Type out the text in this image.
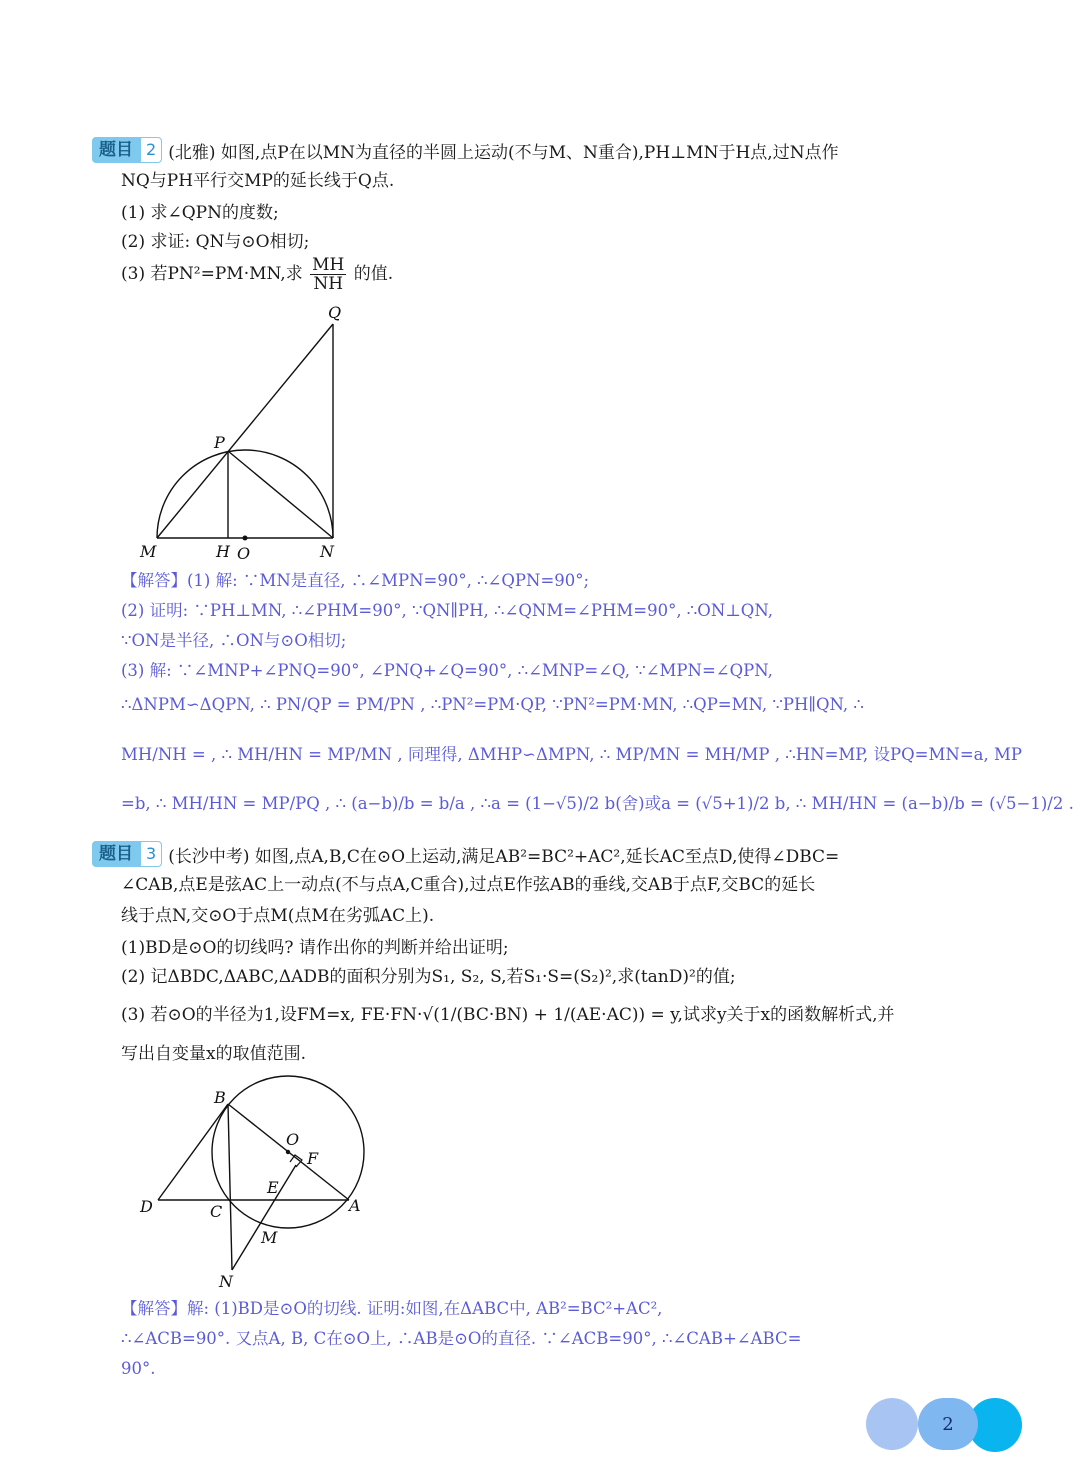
题目 2 (北雅) 如图,点P在以MN为直径的半圆上运动(不与M、N重合),PH⊥MN于H点,过N点作
NQ与PH平行交MP的延长线于Q点.
(1) 求∠QPN的度数;
(2) 求证: QN与⊙O相切;
(3) 若PN²=PM·MN,求 $\frac{MH}{NH}$ 的值.
Q
P
M	H O	N
【解答】(1) 解: ∵MN是直径, ∴∠MPN=90°, ∴∠QPN=90°;
(2) 证明: ∵PH⊥MN, ∴∠PHM=90°, ∵QN∥PH, ∴∠QNM=∠PHM=90°, ∴ON⊥QN,
∵ON是半径, ∴ON与⊙O相切;
(3) 解: ∵∠MNP+∠PNQ=90°, ∠PNQ+∠Q=90°, ∴∠MNP=∠Q, ∵∠MPN=∠QPN,
∴ΔNPM∽ΔQPN, ∴ PN/QP = PM/PN , ∴PN²=PM·QP, ∵PN²=PM·MN, ∴QP=MN, ∵PH∥QN, ∴
MH/NH = , ∴ MH/HN = MP/MN , 同理得, ΔMHP∽ΔMPN, ∴ MP/MN = MH/MP , ∴HN=MP, 设PQ=MN=a, MP
=b, ∴ MH/HN = MP/PQ , ∴ (a−b)/b = b/a , ∴a = (1−√5)/2 b(舍)或a = (√5+1)/2 b, ∴ MH/HN = (a−b)/b = (√5−1)/2 .
题目 3 (长沙中考) 如图,点A,B,C在⊙O上运动,满足AB²=BC²+AC²,延长AC至点D,使得∠DBC=
∠CAB,点E是弦AC上一动点(不与点A,C重合),过点E作弦AB的垂线,交AB于点F,交BC的延长
线于点N,交⊙O于点M(点M在劣弧AC上).
(1)BD是⊙O的切线吗? 请作出你的判断并给出证明;
(2) 记ΔBDC,ΔABC,ΔADB的面积分别为S₁, S₂, S,若S₁·S=(S₂)²,求(tanD)²的值;
(3) 若⊙O的半径为1,设FM=x, FE·FN·√(1/(BC·BN) + 1/(AE·AC)) = y,试求y关于x的函数解析式,并
写出自变量x的取值范围.
B
O
F
D
E
A
C
M
N
【解答】解: (1)BD是⊙O的切线. 证明:如图,在ΔABC中, AB²=BC²+AC²,
∴∠ACB=90°. 又点A, B, C在⊙O上, ∴AB是⊙O的直径. ∵∠ACB=90°, ∴∠CAB+∠ABC=
90°.
2
